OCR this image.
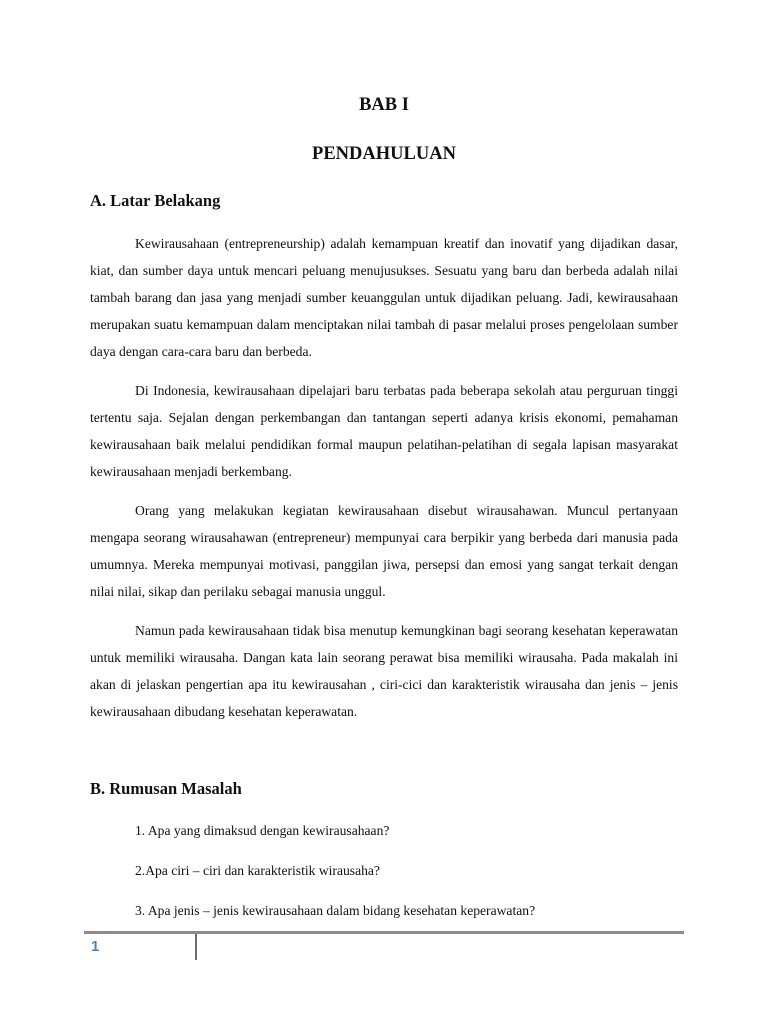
BAB I
PENDAHULUAN
A. Latar Belakang

Kewirausahaan (entrepreneurship) adalah kemampuan kreatif dan inovatif yang dijadikan dasar, kiat, dan sumber daya untuk mencari peluang menujusukses. Sesuatu yang baru dan berbeda adalah nilai tambah barang dan jasa yang menjadi sumber keuanggulan untuk dijadikan peluang. Jadi, kewirausahaan merupakan suatu kemampuan dalam menciptakan nilai tambah di pasar melalui proses pengelolaan sumber daya dengan cara-cara baru dan berbeda.

Di Indonesia, kewirausahaan dipelajari baru terbatas pada beberapa sekolah atau perguruan tinggi tertentu saja. Sejalan dengan perkembangan dan tantangan seperti adanya krisis ekonomi, pemahaman kewirausahaan baik melalui pendidikan formal maupun pelatihan-pelatihan di segala lapisan masyarakat kewirausahaan menjadi berkembang.

Orang yang melakukan kegiatan kewirausahaan disebut wirausahawan. Muncul pertanyaan mengapa seorang wirausahawan (entrepreneur) mempunyai cara berpikir yang berbeda dari manusia pada umumnya. Mereka mempunyai motivasi, panggilan jiwa, persepsi dan emosi yang sangat terkait dengan nilai nilai, sikap dan perilaku sebagai manusia unggul.

Namun pada kewirausahaan tidak bisa menutup kemungkinan bagi seorang kesehatan keperawatan untuk memiliki wirausaha. Dangan kata lain seorang perawat bisa memiliki wirausaha. Pada makalah ini akan di jelaskan pengertian apa itu kewirausahan , ciri-cici dan karakteristik wirausaha dan jenis – jenis kewirausahaan dibudang kesehatan keperawatan.

B. Rumusan Masalah

1. Apa yang dimaksud dengan kewirausahaan?

2.Apa ciri – ciri dan karakteristik wirausaha?

3. Apa jenis – jenis kewirausahaan dalam bidang kesehatan keperawatan?

1
